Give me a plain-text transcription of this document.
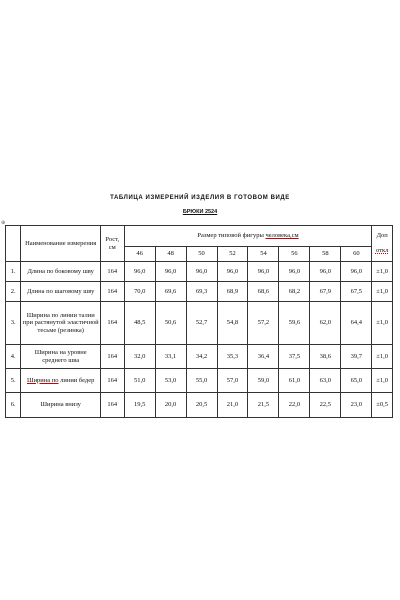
ТАБЛИЦА ИЗМЕРЕНИЙ ИЗДЕЛИЯ В ГОТОВОМ ВИДЕ
БРЮКИ 2524
⊕
	Наименование измерения	Рост, см	Размер типовой фигуры человека,см								Доп

откл
			46	48	50	52	54	56	58	60	
1.	Длина по боковому шву	164	96,0	96,0	96,0	96,0	96,0	96,0	96,0	96,0	±1,0
2.	Длина по шаговому шву	164	70,0	69,6	69,3	68,9	68,6	68,2	67,9	67,5	±1,0
3.	Ширина по линии талии при растянутой эластичной тесьме (резинка)	164	48,5	50,6	52,7	54,8	57,2	59,6	62,0	64,4	±1,0
4.	Ширина на уровне среднего шва	164	32,0	33,1	34,2	35,3	36,4	37,5	38,6	39,7	±1,0
5.	Ширина по линии бедер	164	51,0	53,0	55,0	57,0	59,0	61,0	63,0	65,0	±1,0
6.	Ширина внизу	164	19,5	20,0	20,5	21,0	21,5	22,0	22,5	23,0	±0,5
